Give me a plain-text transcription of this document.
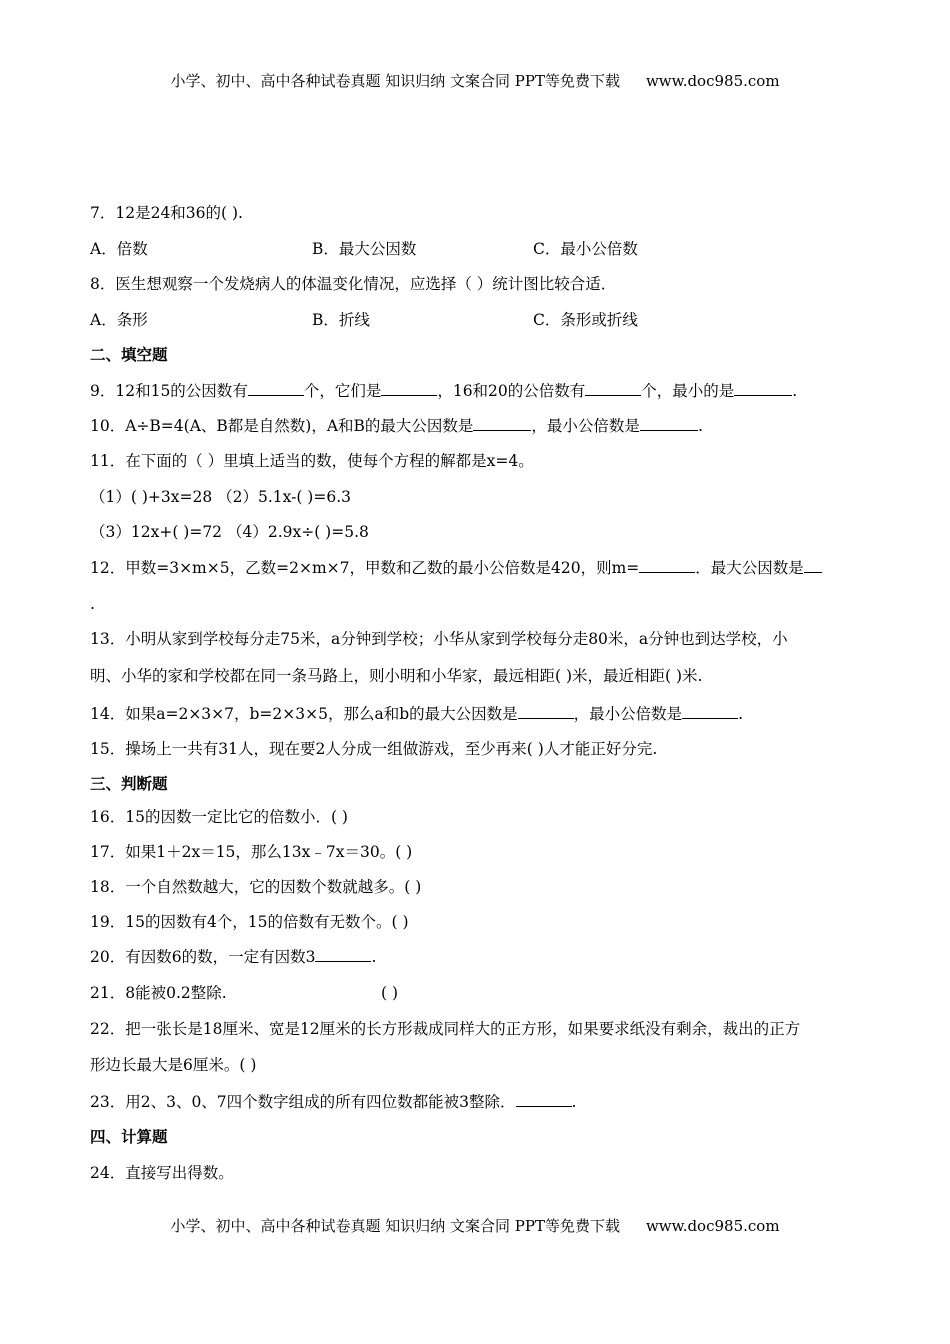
小学、初中、高中各种试卷真题 知识归纳 文案合同 PPT等免费下载 www.doc985.com
7．12是24和36的( ).
A．倍数	B．最大公因数	C．最小公倍数
8．医生想观察一个发烧病人的体温变化情况，应选择（ ）统计图比较合适．
A．条形	B．折线	C．条形或折线
二、填空题
9．12和15的公因数有	个，它们是	，16和20的公倍数有	个，最小的是	.
10．A÷B=4(A、B都是自然数)，A和B的最大公因数是	，最小公倍数是	.
11．在下面的（ ）里填上适当的数，使每个方程的解都是x=4。
（1）( )+3x=28 （2）5.1x-( )=6.3
（3）12x+( )=72 （4）2.9x÷( )=5.8
12．甲数=3×m×5，乙数=2×m×7，甲数和乙数的最小公倍数是420，则m=	．最大公因数是
.
13．小明从家到学校每分走75米，a分钟到学校；小华从家到学校每分走80米，a分钟也到达学校，小
明、小华的家和学校都在同一条马路上，则小明和小华家，最远相距( )米，最近相距( )米.
14．如果a=2×3×7，b=2×3×5，那么a和b的最大公因数是	，最小公倍数是	.
15．操场上一共有31人，现在要2人分成一组做游戏，至少再来( )人才能正好分完.
三、判断题
16．15的因数一定比它的倍数小．( )
17．如果1＋2x＝15，那么13x﹣7x＝30。( )
18．一个自然数越大，它的因数个数就越多。( )
19．15的因数有4个，15的倍数有无数个。( )
20．有因数6的数，一定有因数3	.
21．8能被0.2整除.	( )
22．把一张长是18厘米、宽是12厘米的长方形裁成同样大的正方形，如果要求纸没有剩余，裁出的正方
形边长最大是6厘米。( )
23．用2、3、0、7四个数字组成的所有四位数都能被3整除．	.
四、计算题
24．直接写出得数。
小学、初中、高中各种试卷真题 知识归纳 文案合同 PPT等免费下载 www.doc985.com
